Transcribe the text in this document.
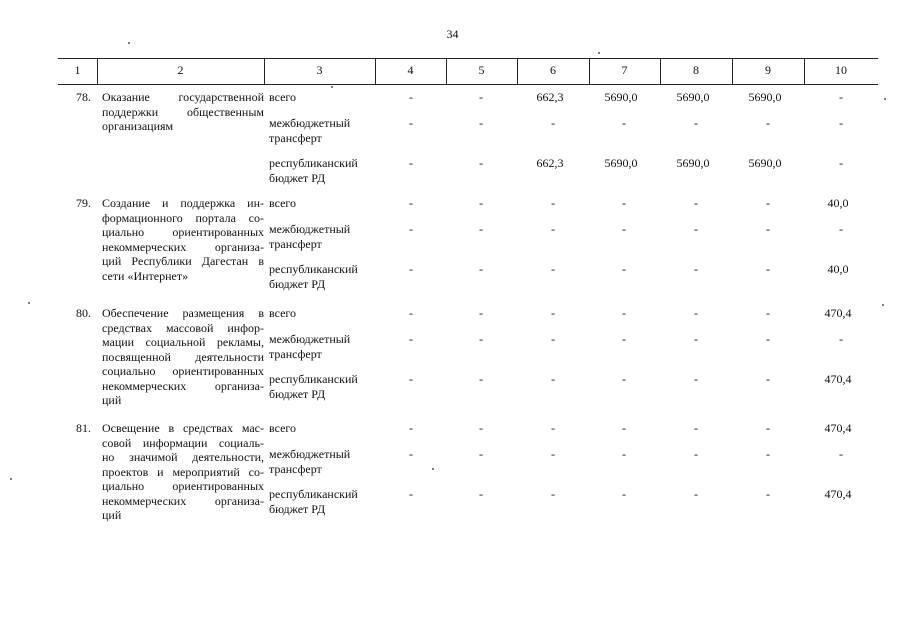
34
1	2	3	4	5	6	7	8	9	10
78. Оказание государственной
поддержки общественным
организациям
всего	-	-	662,3	5690,0	5690,0	5690,0	-
межбюджетный
трансферт
-	-	-	-	-	-	-
республиканский
бюджет РД
-	-	662,3	5690,0	5690,0	5690,0	-
79. Создание и поддержка ин-
формационного портала со-
циально ориентированных
некоммерческих организа-
ций Республики Дагестан в
сети «Интернет»
всего	-	-	-	-	-	-	40,0
межбюджетный
трансферт
-	-	-	-	-	-	-
республиканский
бюджет РД
-	-	-	-	-	-	40,0
80. Обеспечение размещения в
средствах массовой инфор-
мации социальной рекламы,
посвященной деятельности
социально ориентированных
некоммерческих организа-
ций
всего	-	-	-	-	-	-	470,4
межбюджетный
трансферт
-	-	-	-	-	-	-
республиканский
бюджет РД
-	-	-	-	-	-	470,4
81. Освещение в средствах мас-
совой информации социаль-
но значимой деятельности,
проектов и мероприятий со-
циально ориентированных
некоммерческих организа-
ций
всего	-	-	-	-	-	-	470,4
межбюджетный
трансферт
-	-	-	-	-	-	-
республиканский
бюджет РД
-	-	-	-	-	-	470,4
